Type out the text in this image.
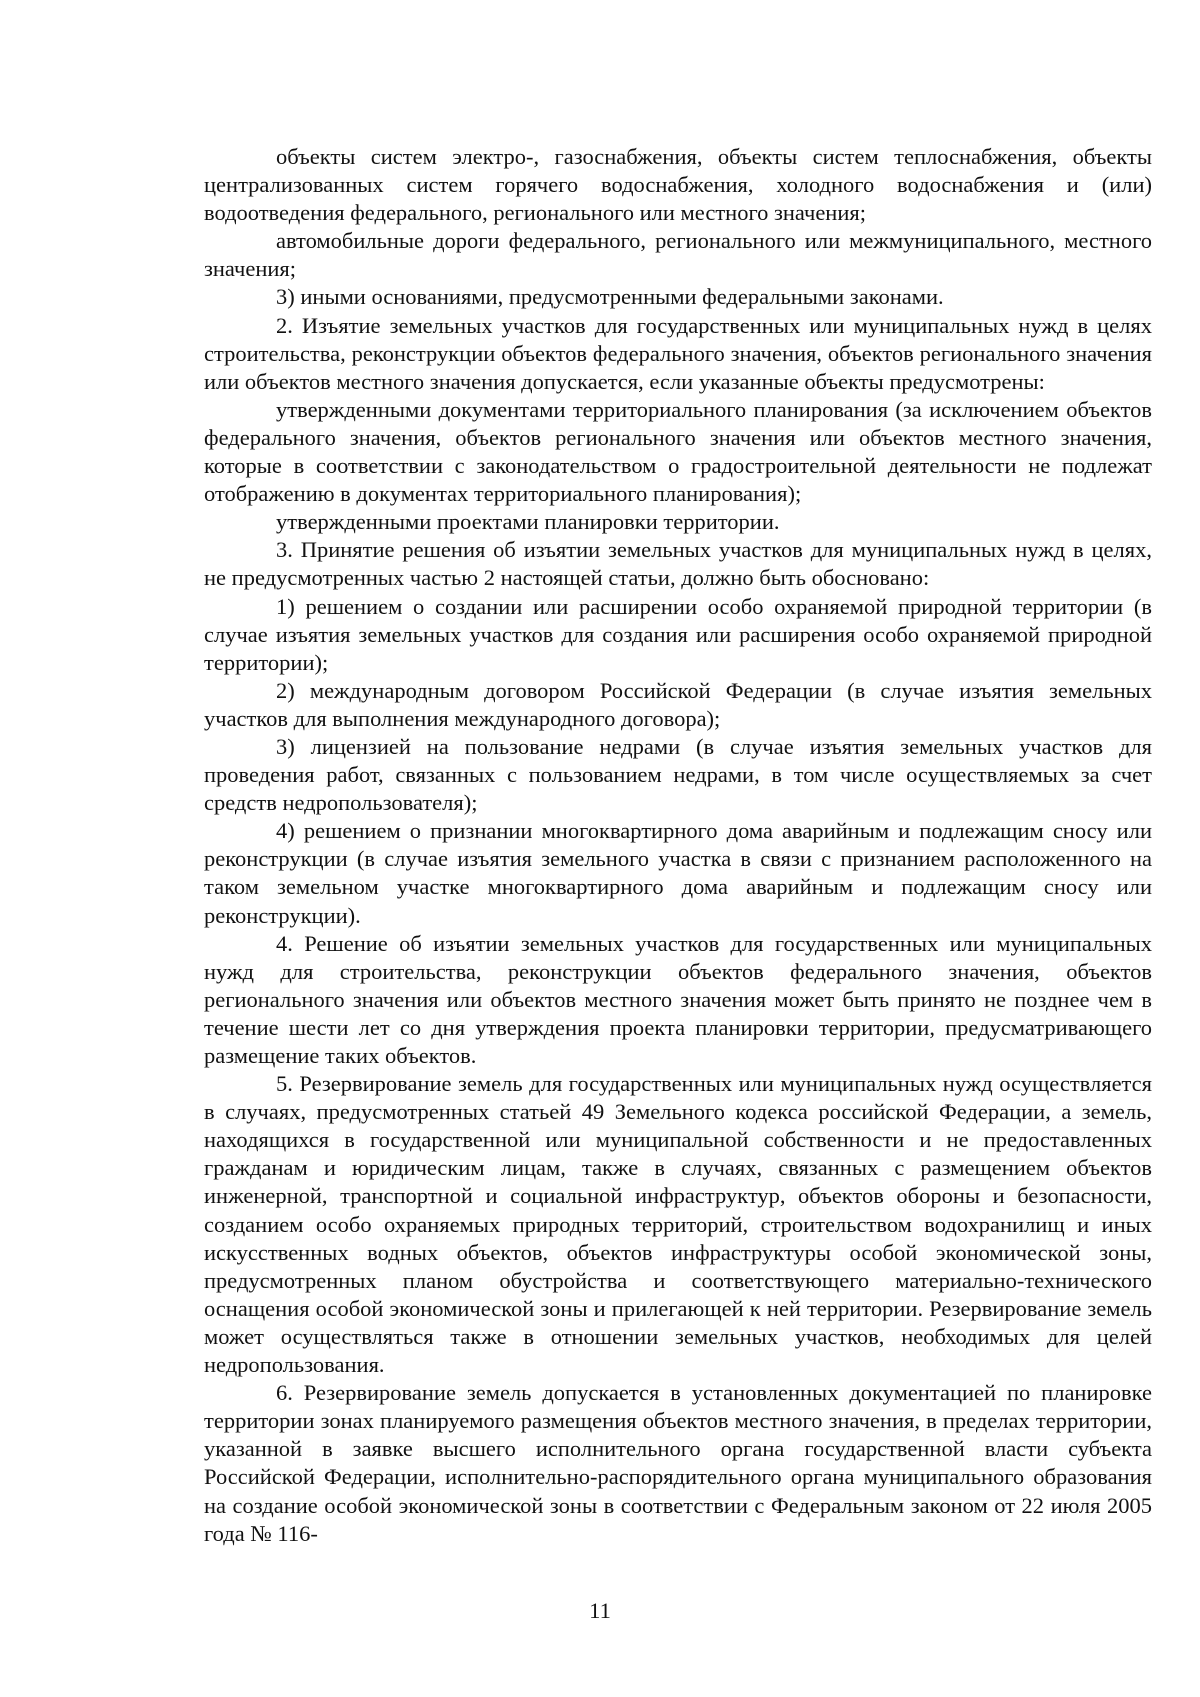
объекты систем электро-, газоснабжения, объекты систем теплоснабжения, объекты централизованных систем горячего водоснабжения, холодного водоснабжения и (или) водоотведения федерального, регионального или местного значения;

автомобильные дороги федерального, регионального или межмуниципального, местного значения;

3) иными основаниями, предусмотренными федеральными законами.

2. Изъятие земельных участков для государственных или муниципальных нужд в целях строительства, реконструкции объектов федерального значения, объектов регионального значения или объектов местного значения допускается, если указанные объекты предусмотрены:

утвержденными документами территориального планирования (за исключением объектов федерального значения, объектов регионального значения или объектов местного значения, которые в соответствии с законодательством о градостроительной деятельности не подлежат отображению в документах территориального планирования);

утвержденными проектами планировки территории.

3. Принятие решения об изъятии земельных участков для муниципальных нужд в целях, не предусмотренных частью 2 настоящей статьи, должно быть обосновано:

1) решением о создании или расширении особо охраняемой природной территории (в случае изъятия земельных участков для создания или расширения особо охраняемой природной территории);

2) международным договором Российской Федерации (в случае изъятия земельных участков для выполнения международного договора);

3) лицензией на пользование недрами (в случае изъятия земельных участков для проведения работ, связанных с пользованием недрами, в том числе осуществляемых за счет средств недропользователя);

4) решением о признании многоквартирного дома аварийным и подлежащим сносу или реконструкции (в случае изъятия земельного участка в связи с признанием расположенного на таком земельном участке многоквартирного дома аварийным и подлежащим сносу или реконструкции).

4. Решение об изъятии земельных участков для государственных или муниципальных нужд для строительства, реконструкции объектов федерального значения, объектов регионального значения или объектов местного значения может быть принято не позднее чем в течение шести лет со дня утверждения проекта планировки территории, предусматривающего размещение таких объектов.

5. Резервирование земель для государственных или муниципальных нужд осуществляется в случаях, предусмотренных статьей 49 Земельного кодекса российской Федерации, а земель, находящихся в государственной или муниципальной собственности и не предоставленных гражданам и юридическим лицам, также в случаях, связанных с размещением объектов инженерной, транспортной и социальной инфраструктур, объектов обороны и безопасности, созданием особо охраняемых природных территорий, строительством водохранилищ и иных искусственных водных объектов, объектов инфраструктуры особой экономической зоны, предусмотренных планом обустройства и соответствующего материально-технического оснащения особой экономической зоны и прилегающей к ней территории. Резервирование земель может осуществляться также в отношении земельных участков, необходимых для целей недропользования.

6. Резервирование земель допускается в установленных документацией по планировке территории зонах планируемого размещения объектов местного значения, в пределах территории, указанной в заявке высшего исполнительного органа государственной власти субъекта Российской Федерации, исполнительно-распорядительного органа муниципального образования на создание особой экономической зоны в соответствии с Федеральным законом от 22 июля 2005 года № 116-

11
